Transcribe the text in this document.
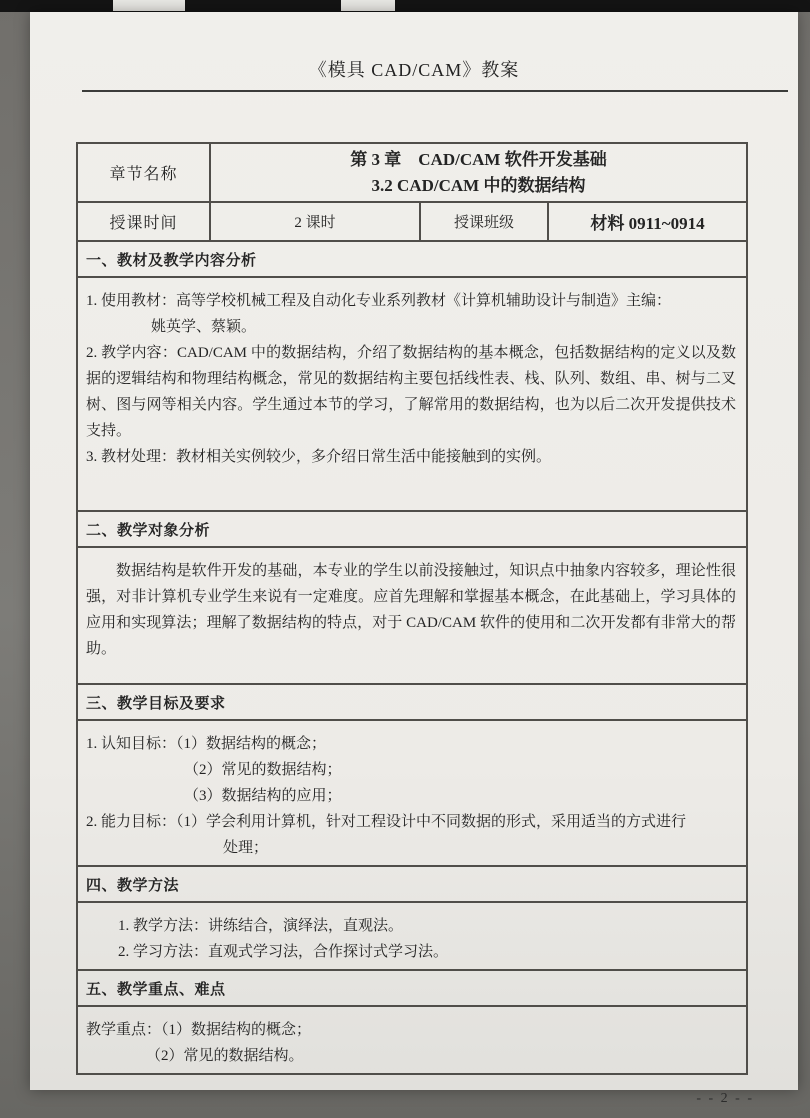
《模具 CAD/CAM》教案
章节名称	第 3 章　CAD/CAM 软件开发基础
3.2 CAD/CAM 中的数据结构		

授课时间	2 课时	授课班级	材料 0911~0914
一、教材及教学内容分析			

1. 使用教材：高等学校机械工程及自动化专业系列教材《计算机辅助设计与制造》主编：

姚英学、蔡颖。

2. 教学内容：CAD/CAM 中的数据结构，介绍了数据结构的基本概念，包括数据结构的定义以及数据的逻辑结构和物理结构概念，常见的数据结构主要包括线性表、栈、队列、数组、串、树与二叉树、图与网等相关内容。学生通过本节的学习，了解常用的数据结构，也为以后二次开发提供技术支持。

3. 教材处理：教材相关实例较少，多介绍日常生活中能接触到的实例。			

二、教学对象分析			

数据结构是软件开发的基础，本专业的学生以前没接触过，知识点中抽象内容较多，理论性很强，对非计算机专业学生来说有一定难度。应首先理解和掌握基本概念，在此基础上，学习具体的应用和实现算法；理解了数据结构的特点，对于 CAD/CAM 软件的使用和二次开发都有非常大的帮助。			

三、教学目标及要求			

1. 认知目标：（1）数据结构的概念；

（2）常见的数据结构；

（3）数据结构的应用；

2. 能力目标：（1）学会利用计算机，针对工程设计中不同数据的形式，采用适当的方式进行

处理；			

四、教学方法			

1. 教学方法：讲练结合，演绎法，直观法。

2. 学习方法：直观式学习法，合作探讨式学习法。			

五、教学重点、难点			

教学重点：（1）数据结构的概念；

（2）常见的数据结构。			

- - 2 - -
